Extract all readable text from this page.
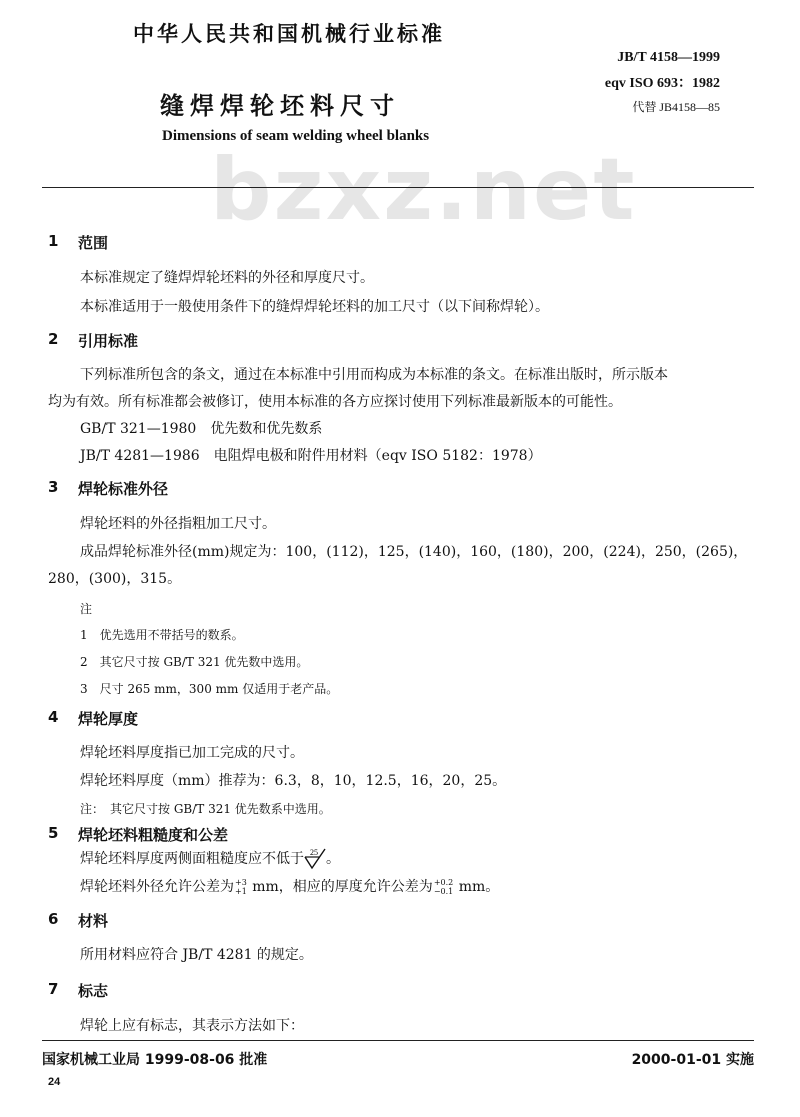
bzxz.net
中华人民共和国机械行业标准
JB/T 4158—1999
eqv ISO 693：1982
代替 JB4158—85
缝焊焊轮坯料尺寸
Dimensions of seam welding wheel blanks
1 范围
本标准规定了缝焊焊轮坯料的外径和厚度尺寸。
本标准适用于一般使用条件下的缝焊焊轮坯料的加工尺寸（以下间称焊轮）。
2 引用标准
下列标准所包含的条文，通过在本标准中引用而构成为本标准的条文。在标准出版时，所示版本
均为有效。所有标准都会被修订，使用本标准的各方应探讨使用下列标准最新版本的可能性。
GB/T 321—1980　优先数和优先数系
JB/T 4281—1986　电阻焊电极和附件用材料（eqv ISO 5182：1978）
3 焊轮标准外径
焊轮坯料的外径指粗加工尺寸。
成品焊轮标准外径(mm)规定为：100，(112)，125，(140)，160，(180)，200，(224)，250，(265)，
280，(300)，315。
注
1　优先选用不带括号的数系。
2　其它尺寸按 GB/T 321 优先数中选用。
3　尺寸 265 mm，300 mm 仅适用于老产品。
4 焊轮厚度
焊轮坯料厚度指已加工完成的尺寸。
焊轮坯料厚度（mm）推荐为：6.3，8，10，12.5，16，20，25。
注：　其它尺寸按 GB/T 321 优先数系中选用。
5 焊轮坯料粗糙度和公差
焊轮坯料厚度两侧面粗糙度应不低于 25 。
焊轮坯料外径允许公差为+3
+1 mm，相应的厚度允许公差为+0.2
−0.1 mm。
6 材料
所用材料应符合 JB/T 4281 的规定。
7 标志
焊轮上应有标志，其表示方法如下：
国家机械工业局 1999-08-06 批准	2000-01-01 实施
24
